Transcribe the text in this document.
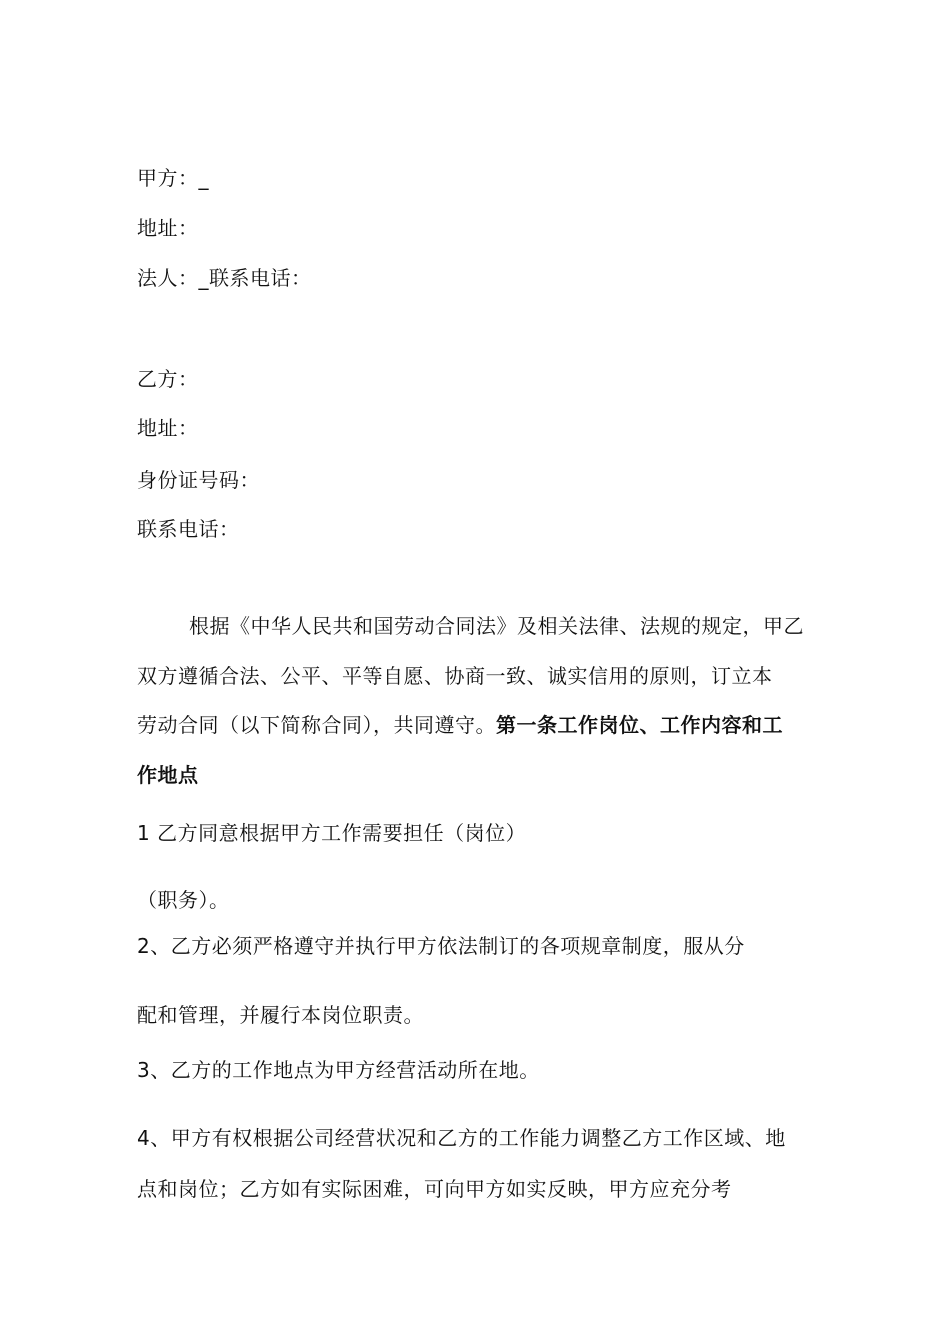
甲方：_
地址：
法人：_联系电话：
乙方：
地址：
身份证号码：
联系电话：
根据《中华人民共和国劳动合同法》及相关法律、法规的规定，甲乙
双方遵循合法、公平、平等自愿、协商一致、诚实信用的原则，订立本
劳动合同（以下简称合同），共同遵守。第一条工作岗位、工作内容和工
作地点
1 乙方同意根据甲方工作需要担任（岗位）
（职务）。
2、乙方必须严格遵守并执行甲方依法制订的各项规章制度，服从分
配和管理，并履行本岗位职责。
3、乙方的工作地点为甲方经营活动所在地。
4、甲方有权根据公司经营状况和乙方的工作能力调整乙方工作区域、地
点和岗位；乙方如有实际困难，可向甲方如实反映，甲方应充分考
